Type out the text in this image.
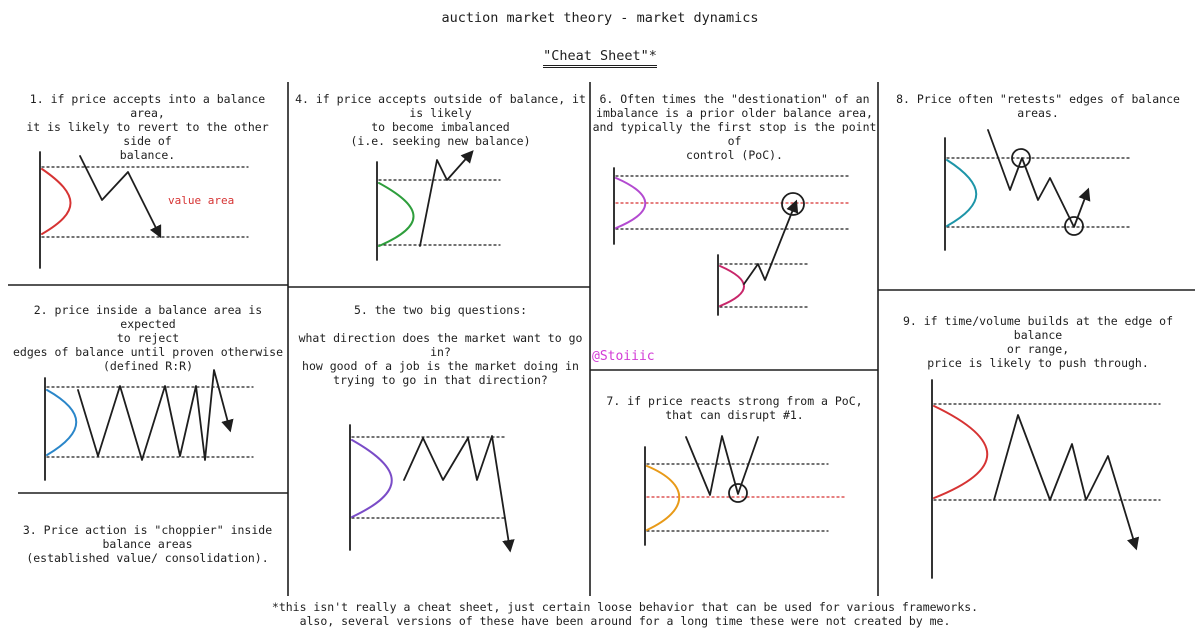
auction market theory - market dynamics
"Cheat Sheet"*
1. if price accepts into a balance area,
it is likely to revert to the other side of
balance.
value area
2. price inside a balance area is expected
to reject
edges of balance until proven otherwise
(defined R:R)
3. Price action is "choppier" inside
balance areas
(established value/ consolidation).
4. if price accepts outside of balance, it is likely
to become imbalanced
(i.e. seeking new balance)
5. the two big questions:
what direction does the market want to go
in?
how good of a job is the market doing in
trying to go in that direction?
6. Often times the "destionation" of an
imbalance is a prior older balance area,
and typically the first stop is the point of
control (PoC).
@Stoiiic
7. if price reacts strong from a PoC,
that can disrupt #1.
8. Price often "retests" edges of balance areas.
9. if time/volume builds at the edge of balance
or range,
price is likely to push through.
*this isn't really a cheat sheet, just certain loose behavior that can be used for various frameworks.
also, several versions of these have been around for a long time these were not created by me.
